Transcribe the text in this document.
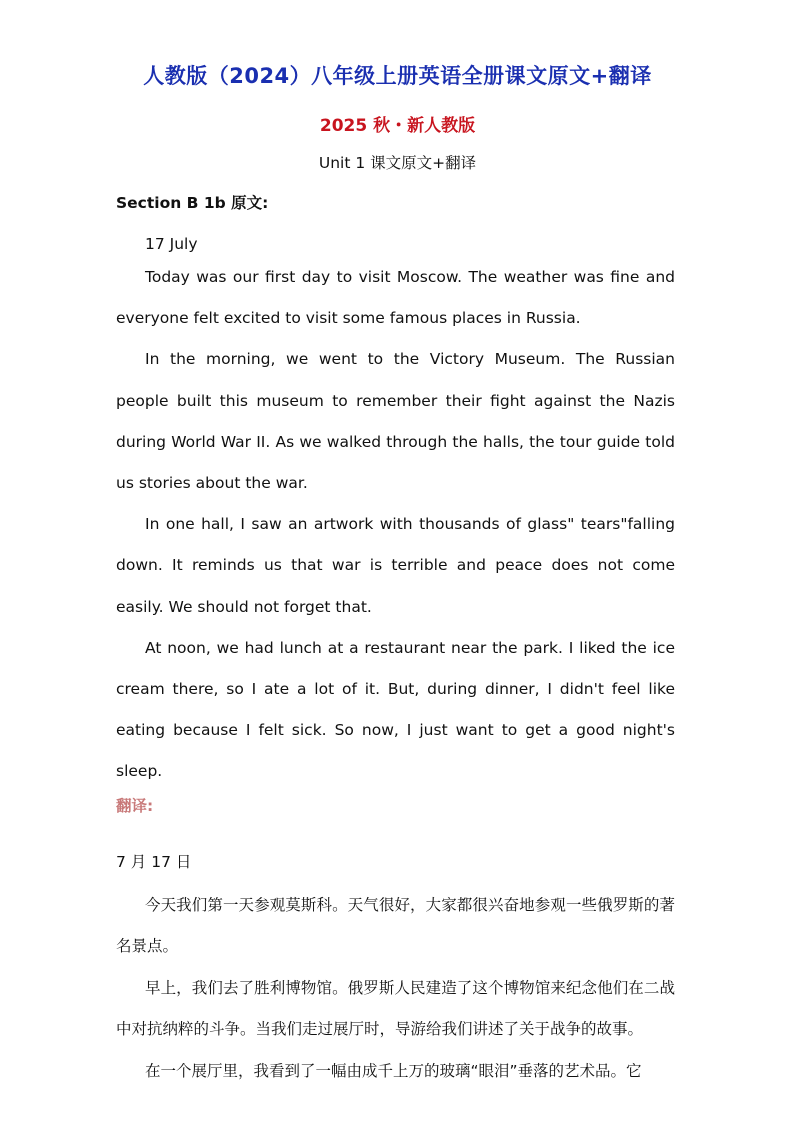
人教版（2024）八年级上册英语全册课文原文+翻译
2025 秋・新人教版
Unit 1 课文原文+翻译

Section B 1b 原文:

17 July

Today was our first day to visit Moscow. The weather was fine and everyone felt excited to visit some famous places in Russia.

In the morning, we went to the Victory Museum. The Russian people built this museum to remember their fight against the Nazis during World War II. As we walked through the halls, the tour guide told us stories about the war.

In one hall, I saw an artwork with thousands of glass" tears"falling down. It reminds us that war is terrible and peace does not come easily. We should not forget that.

At noon, we had lunch at a restaurant near the park. I liked the ice cream there, so I ate a lot of it. But, during dinner, I didn't feel like eating because I felt sick. So now, I just want to get a good night's sleep.

翻译:

7 月 17 日

今天我们第一天参观莫斯科。天气很好，大家都很兴奋地参观一些俄罗斯的著名景点。

早上，我们去了胜利博物馆。俄罗斯人民建造了这个博物馆来纪念他们在二战中对抗纳粹的斗争。当我们走过展厅时，导游给我们讲述了关于战争的故事。

在一个展厅里，我看到了一幅由成千上万的玻璃“眼泪”垂落的艺术品。它
